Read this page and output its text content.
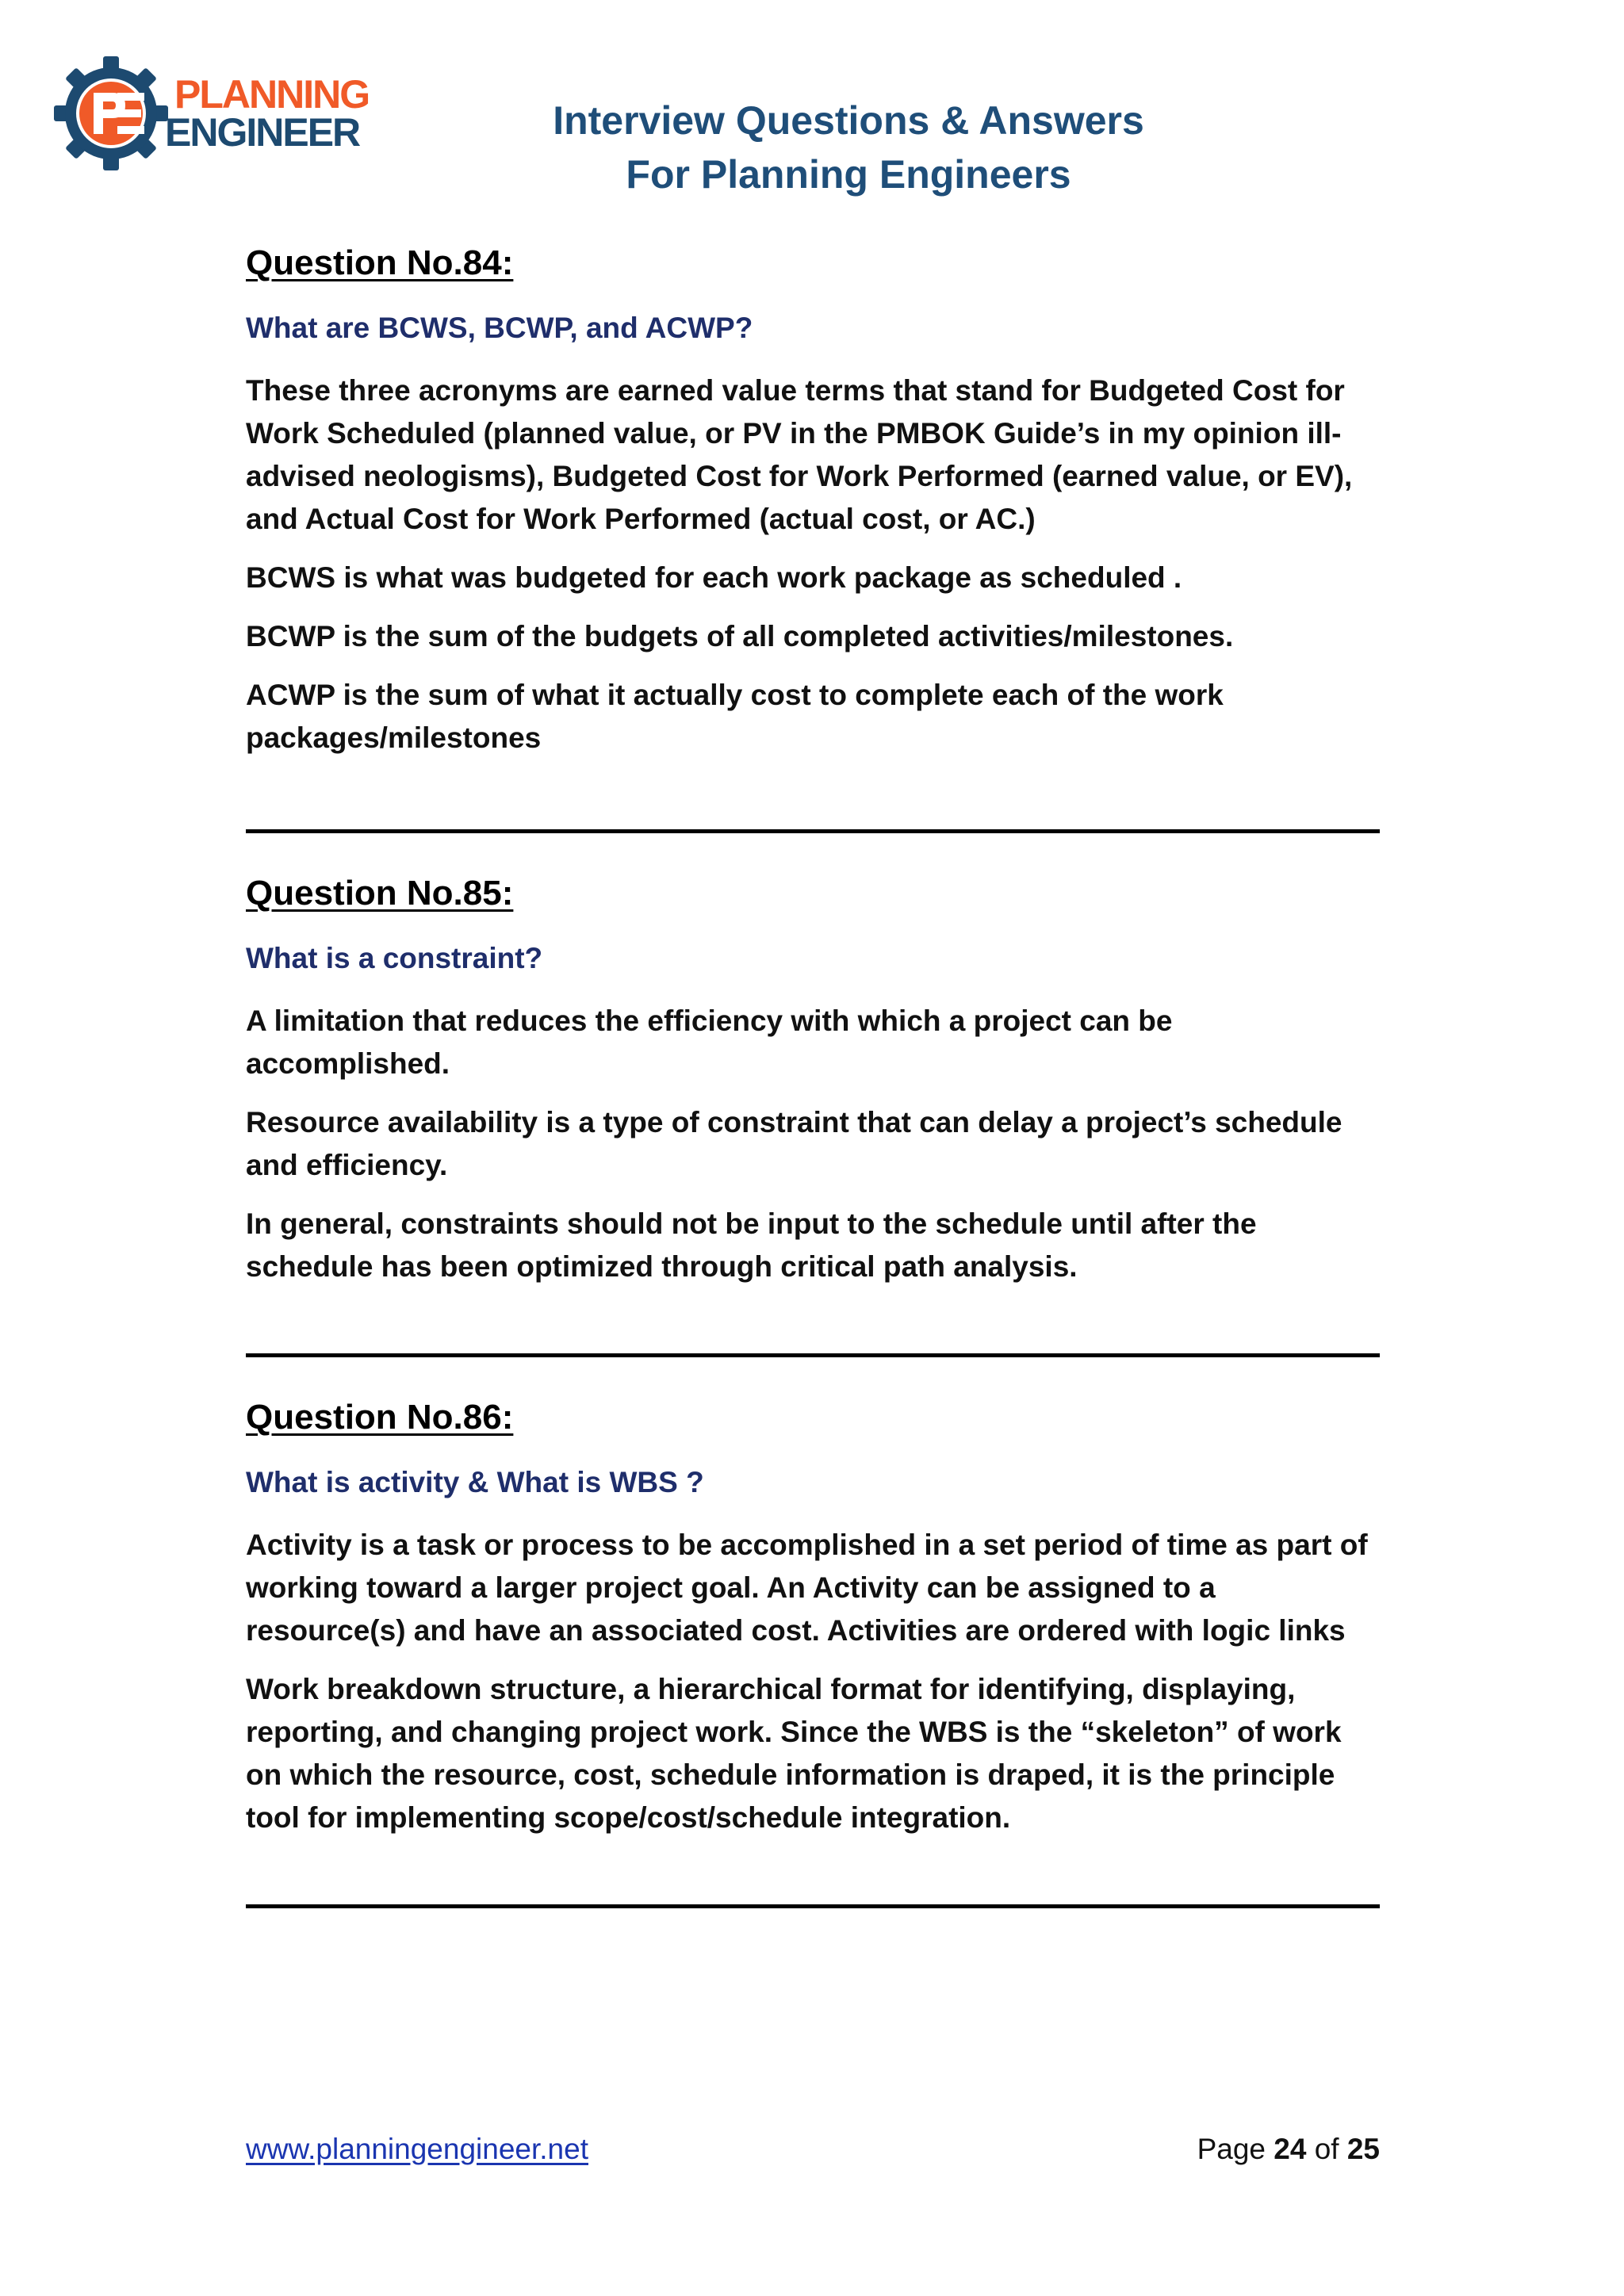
PLANNING
ENGINEER	Interview Questions & Answers
For Planning Engineers
Question No.84:

What are BCWS, BCWP, and ACWP?

These three acronyms are earned value terms that stand for Budgeted Cost for Work Scheduled (planned value, or PV in the PMBOK Guide’s in my opinion ill-advised neologisms), Budgeted Cost for Work Performed (earned value, or EV), and Actual Cost for Work Performed (actual cost, or AC.)

BCWS is what was budgeted for each work package as scheduled .

BCWP is the sum of the budgets of all completed activities/milestones.

ACWP is the sum of what it actually cost to complete each of the work packages/milestones

Question No.85:

What is a constraint?

A limitation that reduces the efficiency with which a project can be accomplished.

Resource availability is a type of constraint that can delay a project’s schedule and efficiency.

In general, constraints should not be input to the schedule until after the schedule has been optimized through critical path analysis.

Question No.86:

What is activity & What is WBS ?

Activity is a task or process to be accomplished in a set period of time as part of working toward a larger project goal. An Activity can be assigned to a resource(s) and have an associated cost. Activities are ordered with logic links

Work breakdown structure, a hierarchical format for identifying, displaying, reporting, and changing project work. Since the WBS is the “skeleton” of work on which the resource, cost, schedule information is draped, it is the principle tool for implementing scope/cost/schedule integration.

www.planningengineer.net	Page 24 of 25
